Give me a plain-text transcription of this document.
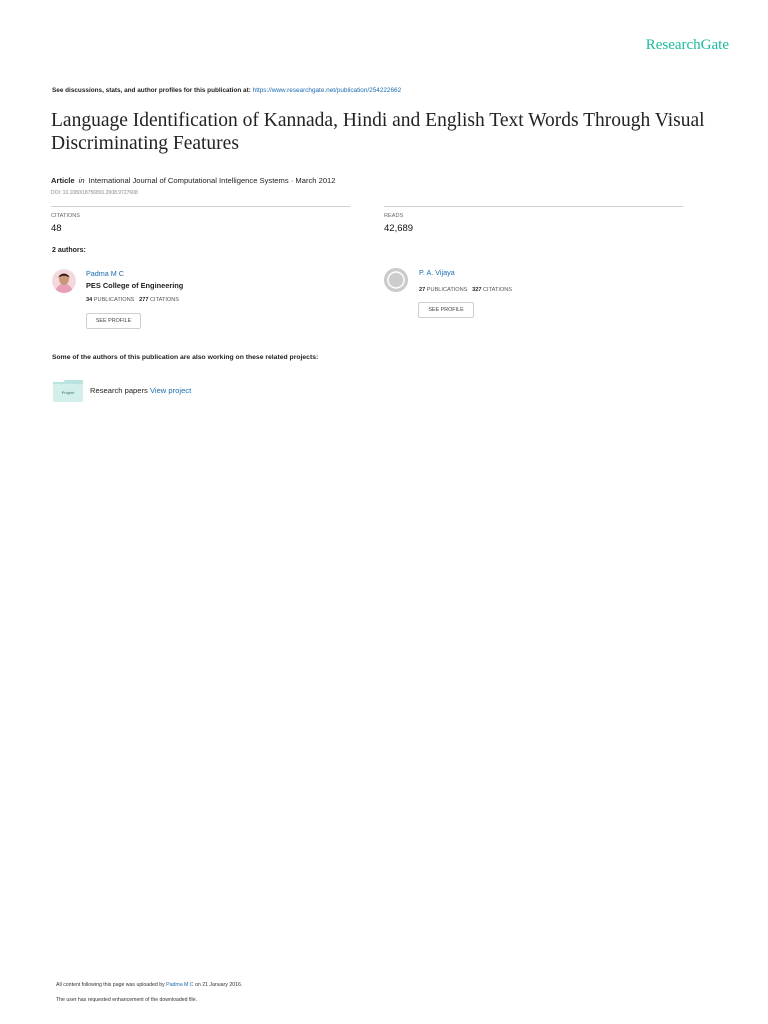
ResearchGate
See discussions, stats, and author profiles for this publication at: https://www.researchgate.net/publication/254222662
Language Identification of Kannada, Hindi and English Text Words Through Visual Discriminating Features
Article in International Journal of Computational Intelligence Systems · March 2012
DOI: 10.1080/18756891.2008.9727608
CITATIONS
48
READS
42,689
2 authors:
Padma M C
PES College of Engineering
34 PUBLICATIONS 277 CITATIONS
SEE PROFILE
P. A. Vijaya
27 PUBLICATIONS 327 CITATIONS
SEE PROFILE
Some of the authors of this publication are also working on these related projects:
Project	Research papers View project
All content following this page was uploaded by Padma M C on 21 January 2016.
The user has requested enhancement of the downloaded file.
